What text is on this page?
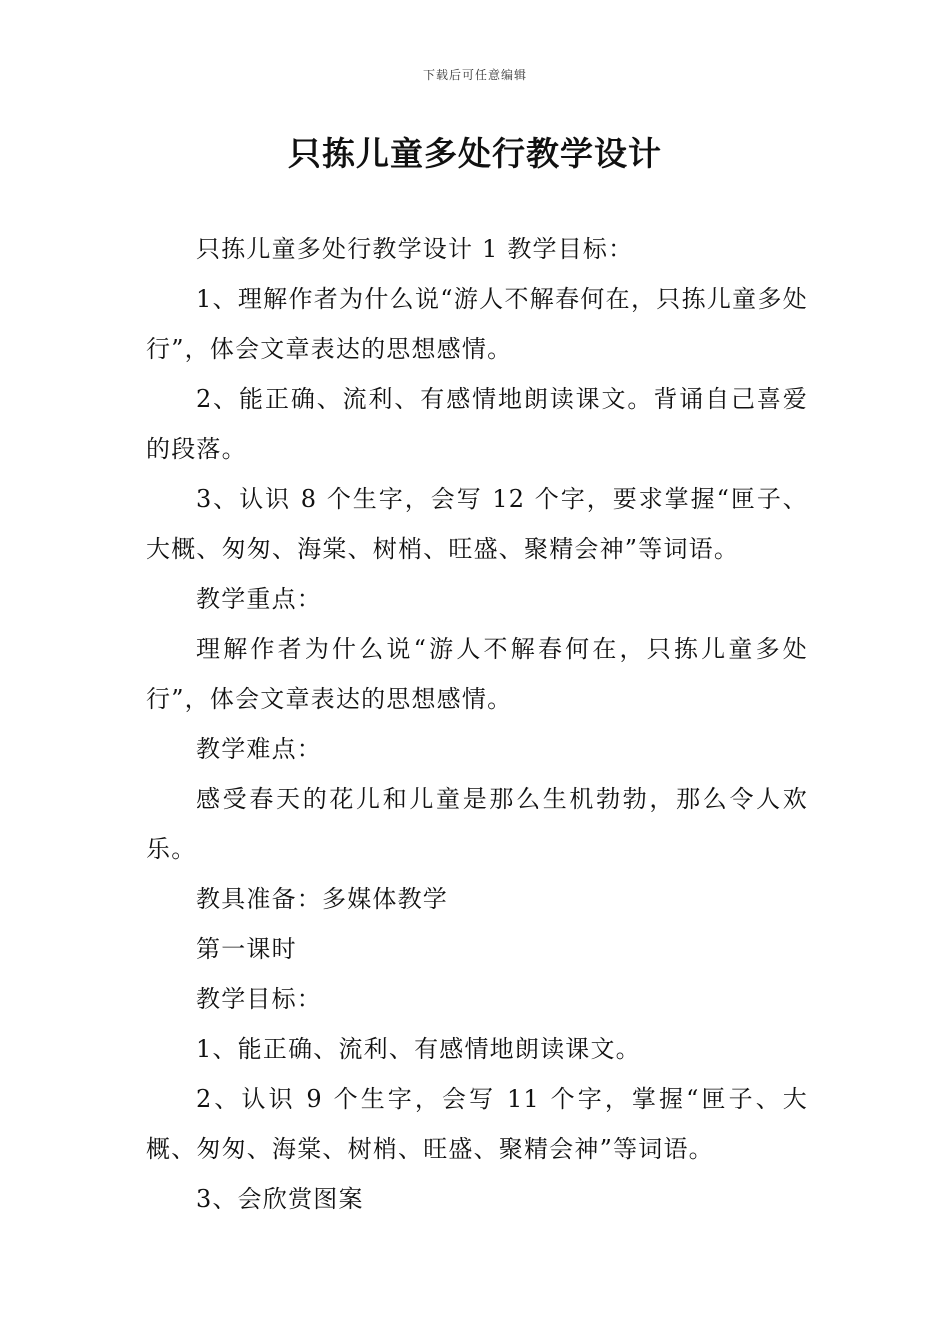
下载后可任意编辑
只拣儿童多处行教学设计

只拣儿童多处行教学设计 1 教学目标：

1、理解作者为什么说“游人不解春何在，只拣儿童多处行”，体会文章表达的思想感情。

2、能正确、流利、有感情地朗读课文。背诵自己喜爱的段落。

3、认识 8 个生字，会写 12 个字，要求掌握“匣子、大概、匆匆、海棠、树梢、旺盛、聚精会神”等词语。

教学重点：

理解作者为什么说“游人不解春何在，只拣儿童多处行”，体会文章表达的思想感情。

教学难点：

感受春天的花儿和儿童是那么生机勃勃，那么令人欢乐。

教具准备：多媒体教学

第一课时

教学目标：

1、能正确、流利、有感情地朗读课文。

2、认识 9 个生字，会写 11 个字，掌握“匣子、大概、匆匆、海棠、树梢、旺盛、聚精会神”等词语。

3、会欣赏图案
